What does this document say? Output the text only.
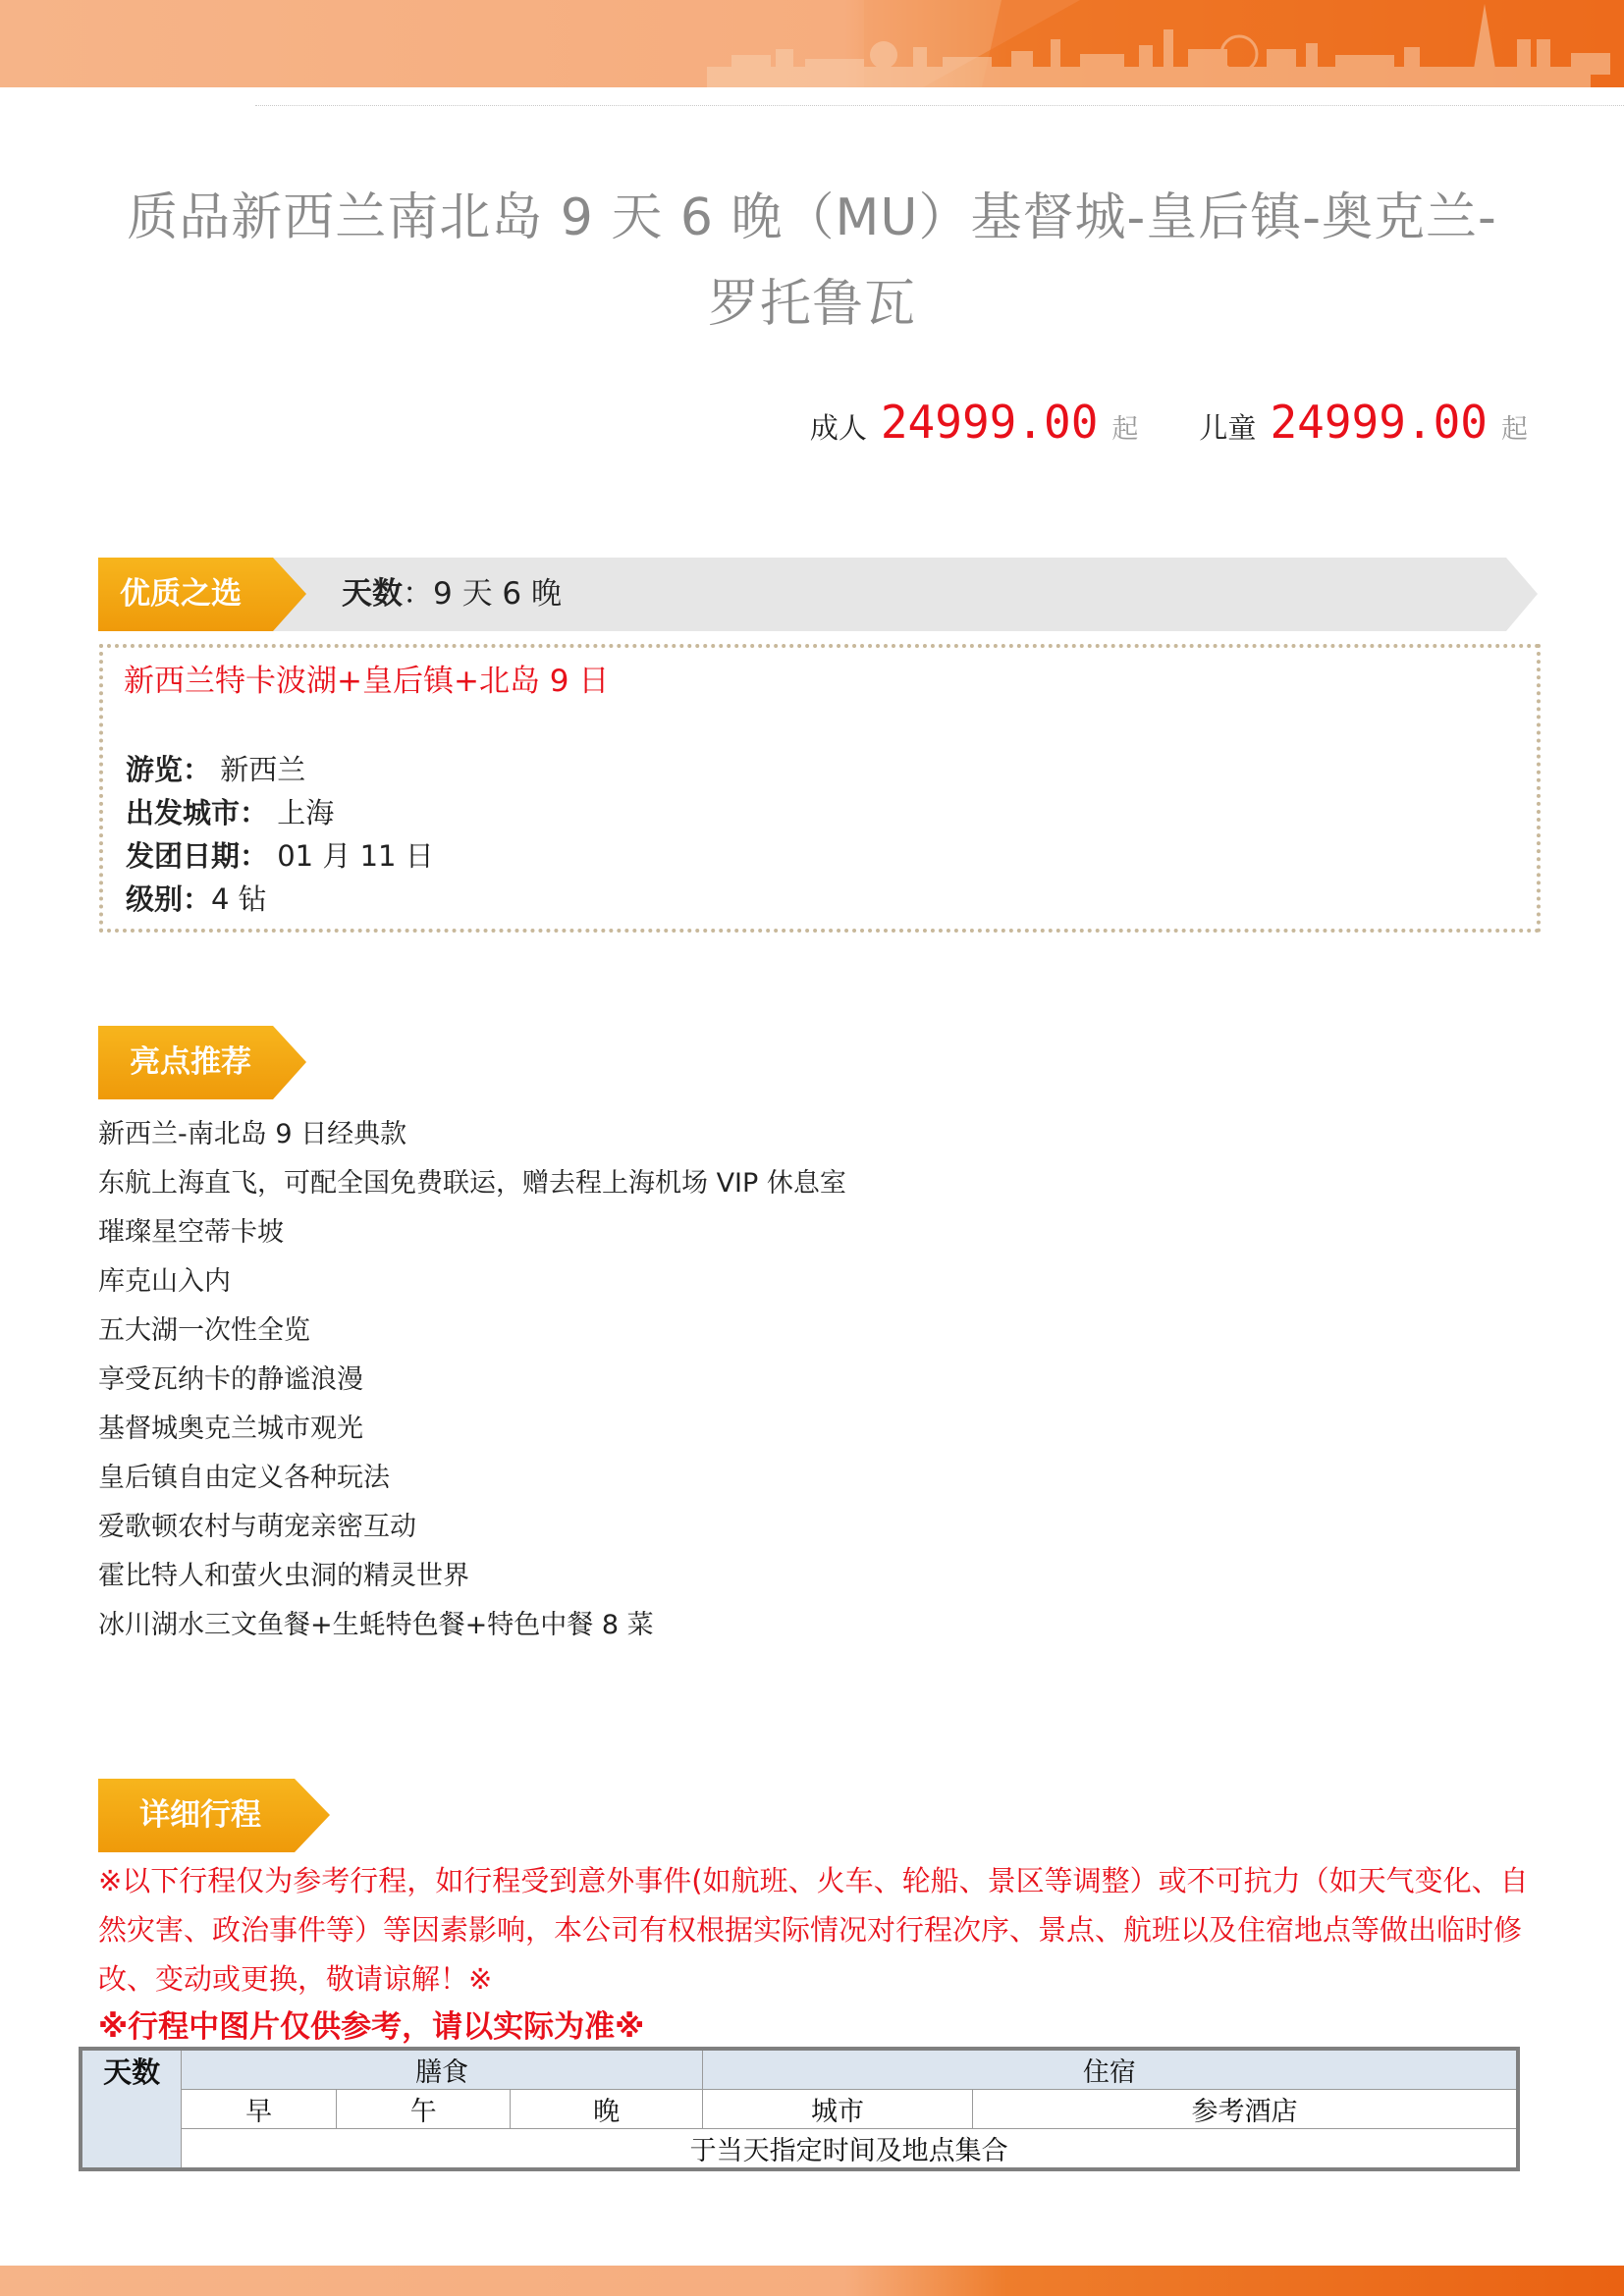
质品新西兰南北岛 9 天 6 晚（MU）基督城-皇后镇-奥克兰-罗托鲁瓦
成人 24999.00 起 儿童 24999.00 起
优质之选	天数：9 天 6 晚
新西兰特卡波湖+皇后镇+北岛 9 日
游览： 新西兰
出发城市： 上海
发团日期： 01 月 11 日
级别：4 钻
亮点推荐
新西兰-南北岛 9 日经典款
东航上海直飞，可配全国免费联运，赠去程上海机场 VIP 休息室
璀璨星空蒂卡坡
库克山入内
五大湖一次性全览
享受瓦纳卡的静谧浪漫
基督城奥克兰城市观光
皇后镇自由定义各种玩法
爱歌顿农村与萌宠亲密互动
霍比特人和萤火虫洞的精灵世界
冰川湖水三文鱼餐+生蚝特色餐+特色中餐 8 菜
详细行程
※以下行程仅为参考行程，如行程受到意外事件(如航班、火车、轮船、景区等调整）或不可抗力（如天气变化、自然灾害、政治事件等）等因素影响，本公司有权根据实际情况对行程次序、景点、航班以及住宿地点等做出临时修改、变动或更换，敬请谅解！※
※行程中图片仅供参考，请以实际为准※
天数	膳食			住宿	
	早	午	晚	城市	参考酒店
	于当天指定时间及地点集合				
